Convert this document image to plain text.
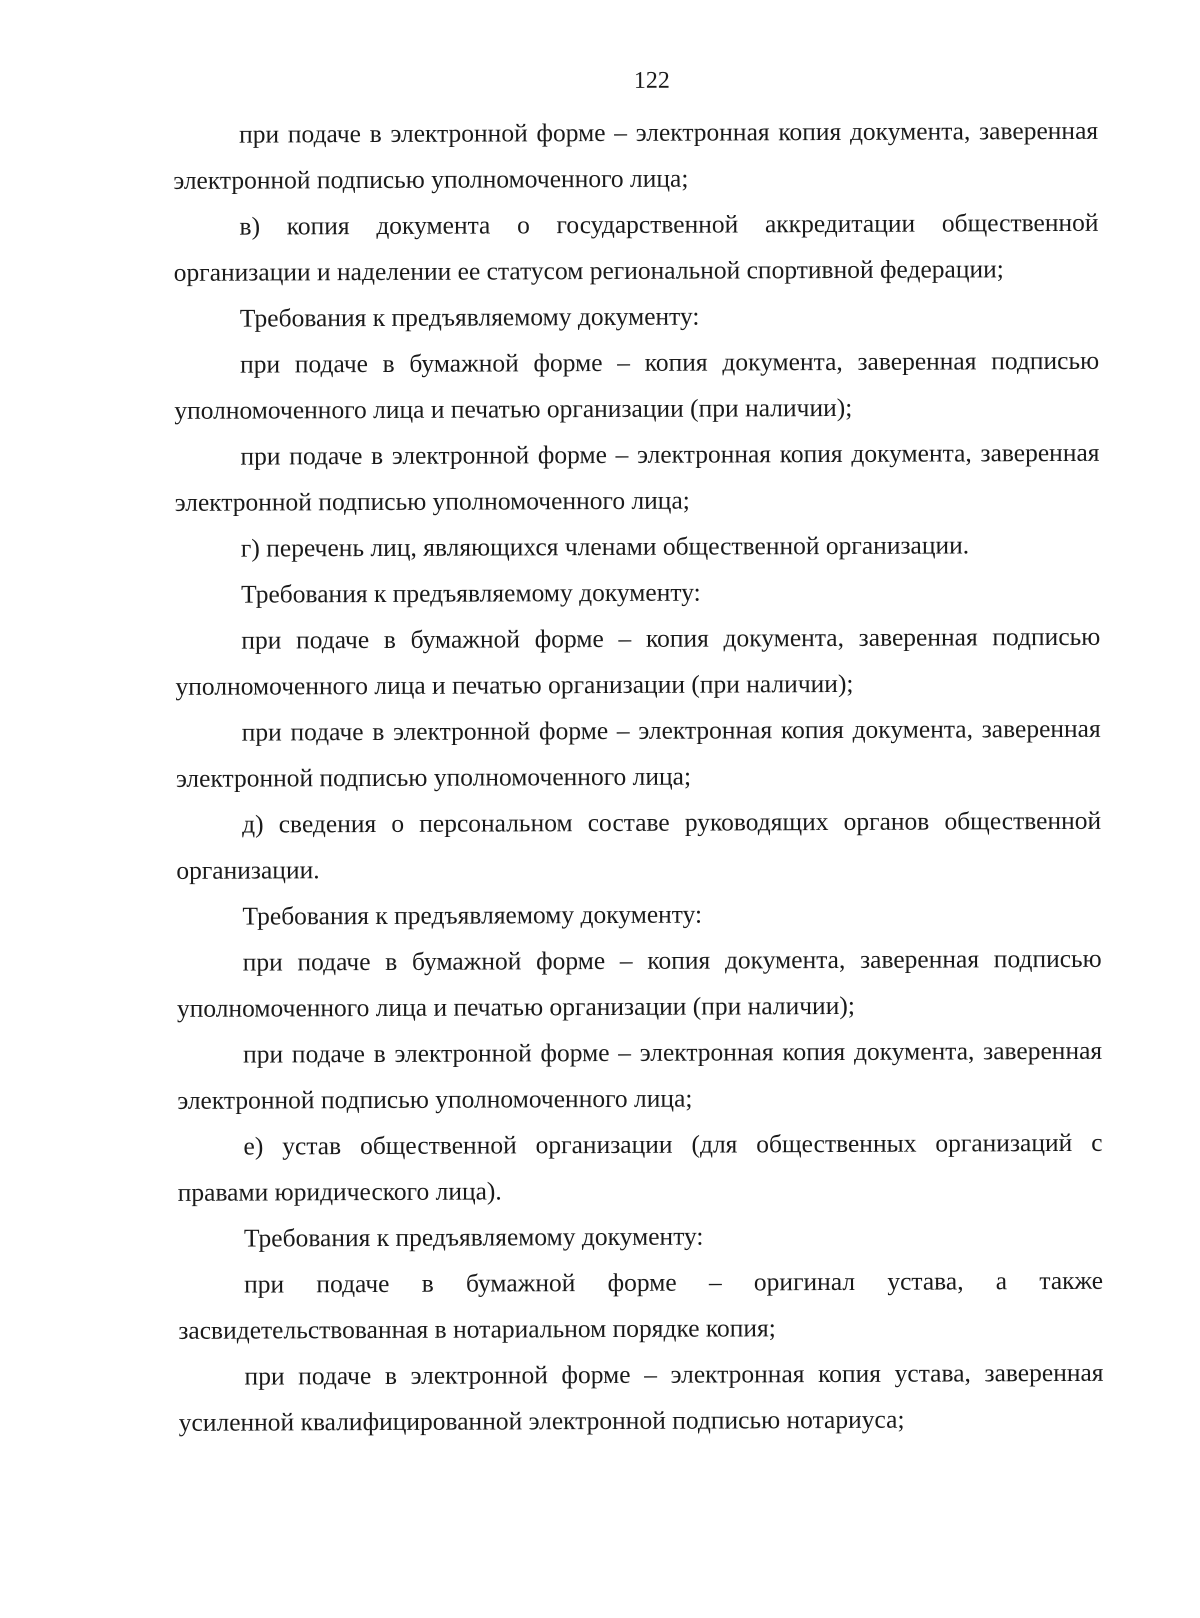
122

при подаче в электронной форме – электронная копия документа, заверенная электронной подписью уполномоченного лица;

в) копия документа о государственной аккредитации общественной организации и наделении ее статусом региональной спортивной федерации;

Требования к предъявляемому документу:

при подаче в бумажной форме – копия документа, заверенная подписью уполномоченного лица и печатью организации (при наличии);

при подаче в электронной форме – электронная копия документа, заверенная электронной подписью уполномоченного лица;

г) перечень лиц, являющихся членами общественной организации.

Требования к предъявляемому документу:

при подаче в бумажной форме – копия документа, заверенная подписью уполномоченного лица и печатью организации (при наличии);

при подаче в электронной форме – электронная копия документа, заверенная электронной подписью уполномоченного лица;

д) сведения о персональном составе руководящих органов общественной организации.

Требования к предъявляемому документу:

при подаче в бумажной форме – копия документа, заверенная подписью уполномоченного лица и печатью организации (при наличии);

при подаче в электронной форме – электронная копия документа, заверенная электронной подписью уполномоченного лица;

е) устав общественной организации (для общественных организаций с правами юридического лица).

Требования к предъявляемому документу:

при подаче в бумажной форме – оригинал устава, а также засвидетельствованная в нотариальном порядке копия;

при подаче в электронной форме – электронная копия устава, заверенная усиленной квалифицированной электронной подписью нотариуса;
